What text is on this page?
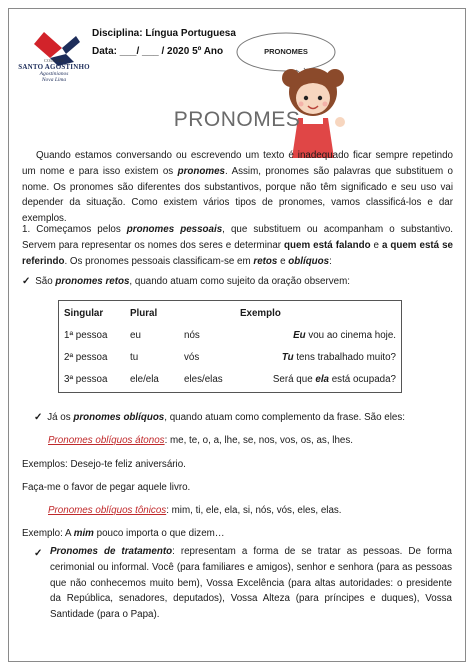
COLÉGIO
SANTO AGOSTINHO
Agostinianos
Nova Lima
Disciplina: Língua Portuguesa
Data: ___/ ___ / 2020 5º Ano	PRONOMES
PRONOMES
Quando estamos conversando ou escrevendo um texto é inadequado ficar sempre repetindo um nome e para isso existem os pronomes. Assim, pronomes são palavras que substituem o nome. Os pronomes são diferentes dos substantivos, porque não têm significado e seu uso vai depender da situação. Como existem vários tipos de pronomes, vamos classificá-los e dar exemplos.
1. Começamos pelos pronomes pessoais, que substituem ou acompanham o substantivo. Servem para representar os nomes dos seres e determinar quem está falando e a quem está se referindo. Os pronomes pessoais classificam-se em retos e oblíquos:
✓ São pronomes retos, quando atuam como sujeito da oração observem:
Singular	Plural		Exemplo
1ª pessoa	eu	nós	Eu vou ao cinema hoje.
2ª pessoa	tu	vós	Tu tens trabalhado muito?
3ª pessoa	ele/ela	eles/elas	Será que ela está ocupada?
✓ Já os pronomes oblíquos, quando atuam como complemento da frase. São eles:
Pronomes oblíquos átonos: me, te, o, a, lhe, se, nos, vos, os, as, lhes.
Exemplos: Desejo-te feliz aniversário.
Faça-me o favor de pegar aquele livro.
Pronomes oblíquos tônicos: mim, ti, ele, ela, si, nós, vós, eles, elas.
Exemplo: A mim pouco importa o que dizem…
✓ Pronomes de tratamento: representam a forma de se tratar as pessoas. De forma cerimonial ou informal. Você (para familiares e amigos), senhor e senhora (para as pessoas que não conhecemos muito bem), Vossa Excelência (para altas autoridades: o presidente da República, senadores, deputados), Vossa Alteza (para príncipes e duques), Vossa Santidade (para o Papa).
